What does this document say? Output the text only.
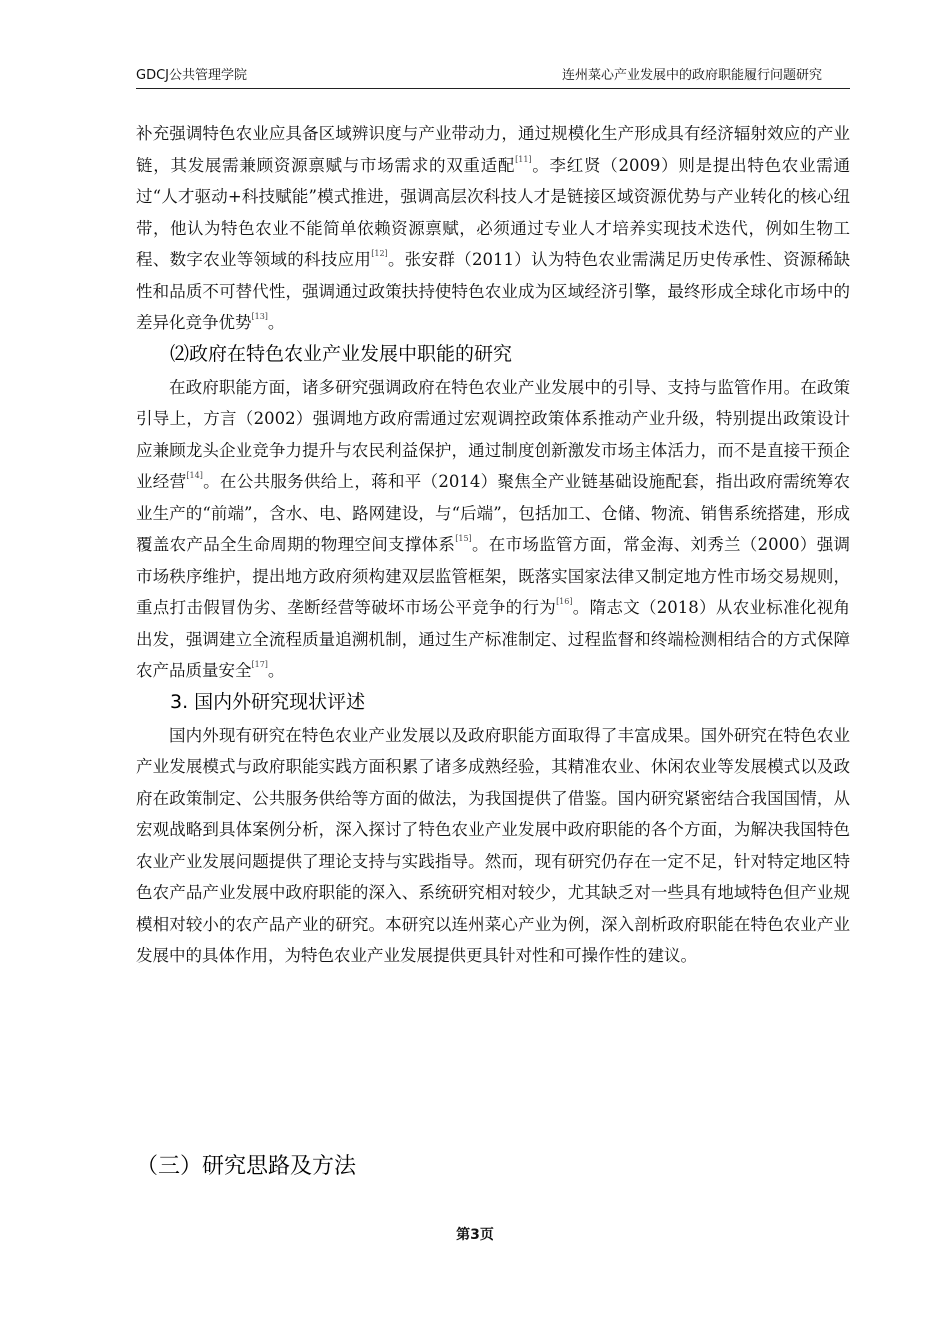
GDCJ公共管理学院	连州菜心产业发展中的政府职能履行问题研究

补充强调特色农业应具备区域辨识度与产业带动力，通过规模化生产形成具有经济辐射效应的产业链，其发展需兼顾资源禀赋与市场需求的双重适配[11]。李红贤（2009）则是提出特色农业需通过“人才驱动+科技赋能”模式推进，强调高层次科技人才是链接区域资源优势与产业转化的核心纽带，他认为特色农业不能简单依赖资源禀赋，必须通过专业人才培养实现技术迭代，例如生物工程、数字农业等领域的科技应用[12]。张安群（2011）认为特色农业需满足历史传承性、资源稀缺性和品质不可替代性，强调通过政策扶持使特色农业成为区域经济引擎，最终形成全球化市场中的差异化竞争优势[13]。

⑵政府在特色农业产业发展中职能的研究

在政府职能方面，诸多研究强调政府在特色农业产业发展中的引导、支持与监管作用。在政策引导上，方言（2002）强调地方政府需通过宏观调控政策体系推动产业升级，特别提出政策设计应兼顾龙头企业竞争力提升与农民利益保护，通过制度创新激发市场主体活力，而不是直接干预企业经营[14]。在公共服务供给上，蒋和平（2014）聚焦全产业链基础设施配套，指出政府需统筹农业生产的“前端”，含水、电、路网建设，与“后端”，包括加工、仓储、物流、销售系统搭建，形成覆盖农产品全生命周期的物理空间支撑体系[15]。在市场监管方面，常金海、刘秀兰（2000）强调市场秩序维护，提出地方政府须构建双层监管框架，既落实国家法律又制定地方性市场交易规则，重点打击假冒伪劣、垄断经营等破坏市场公平竞争的行为[16]。隋志文（2018）从农业标准化视角出发，强调建立全流程质量追溯机制，通过生产标准制定、过程监督和终端检测相结合的方式保障农产品质量安全[17]。

3. 国内外研究现状评述

国内外现有研究在特色农业产业发展以及政府职能方面取得了丰富成果。国外研究在特色农业产业发展模式与政府职能实践方面积累了诸多成熟经验，其精准农业、休闲农业等发展模式以及政府在政策制定、公共服务供给等方面的做法，为我国提供了借鉴。国内研究紧密结合我国国情，从宏观战略到具体案例分析，深入探讨了特色农业产业发展中政府职能的各个方面，为解决我国特色农业产业发展问题提供了理论支持与实践指导。然而，现有研究仍存在一定不足，针对特定地区特色农产品产业发展中政府职能的深入、系统研究相对较少，尤其缺乏对一些具有地域特色但产业规模相对较小的农产品产业的研究。本研究以连州菜心产业为例，深入剖析政府职能在特色农业产业发展中的具体作用，为特色农业产业发展提供更具针对性和可操作性的建议。

（三）研究思路及方法
第3页
